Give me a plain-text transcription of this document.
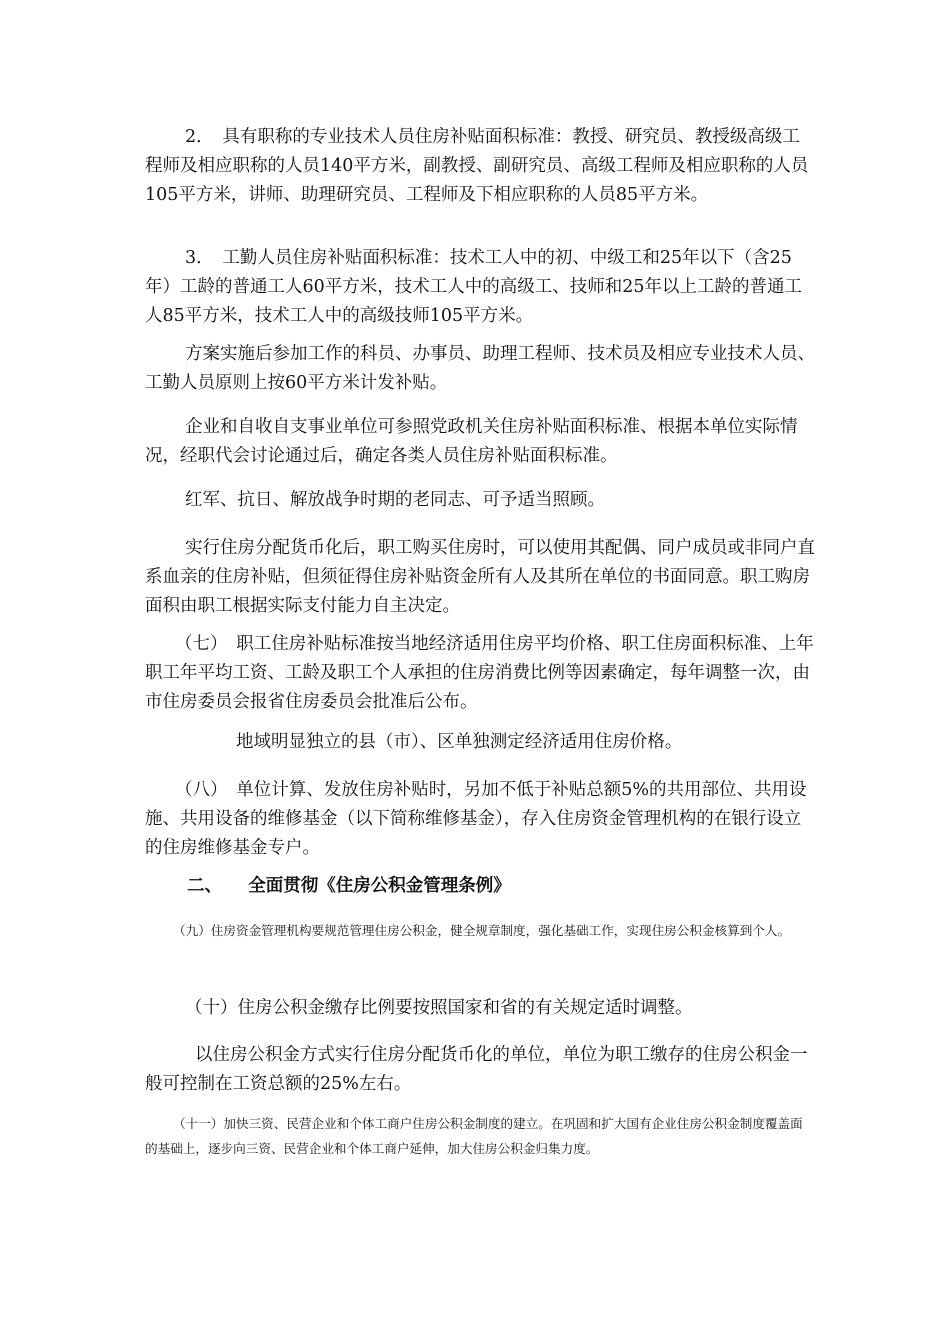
2．　具有职称的专业技术人员住房补贴面积标准：教授、研究员、教授级高级工程师及相应职称的人员140平方米，副教授、副研究员、高级工程师及相应职称的人员105平方米，讲师、助理研究员、工程师及下相应职称的人员85平方米。

3．　工勤人员住房补贴面积标准：技术工人中的初、中级工和25年以下（含25年）工龄的普通工人60平方米，技术工人中的高级工、技师和25年以上工龄的普通工人85平方米，技术工人中的高级技师105平方米。

方案实施后参加工作的科员、办事员、助理工程师、技术员及相应专业技术人员、工勤人员原则上按60平方米计发补贴。

企业和自收自支事业单位可参照党政机关住房补贴面积标准、根据本单位实际情况，经职代会讨论通过后，确定各类人员住房补贴面积标准。

红军、抗日、解放战争时期的老同志、可予适当照顾。

实行住房分配货币化后，职工购买住房时，可以使用其配偶、同户成员或非同户直系血亲的住房补贴，但须征得住房补贴资金所有人及其所在单位的书面同意。职工购房面积由职工根据实际支付能力自主决定。

（七）　职工住房补贴标准按当地经济适用住房平均价格、职工住房面积标准、上年职工年平均工资、工龄及职工个人承担的住房消费比例等因素确定，每年调整一次，由市住房委员会报省住房委员会批准后公布。

地域明显独立的县（市）、区单独测定经济适用住房价格。

（八）　单位计算、发放住房补贴时，另加不低于补贴总额5%的共用部位、共用设施、共用设备的维修基金（以下简称维修基金），存入住房资金管理机构的在银行设立的住房维修基金专户。

二、　　全面贯彻《住房公积金管理条例》

（九）住房资金管理机构要规范管理住房公积金，健全规章制度，强化基础工作，实现住房公积金核算到个人。

（十）住房公积金缴存比例要按照国家和省的有关规定适时调整。

以住房公积金方式实行住房分配货币化的单位，单位为职工缴存的住房公积金一般可控制在工资总额的25%左右。

（十一）加快三资、民营企业和个体工商户住房公积金制度的建立。在巩固和扩大国有企业住房公积金制度覆盖面的基础上，逐步向三资、民营企业和个体工商户延伸，加大住房公积金归集力度。
